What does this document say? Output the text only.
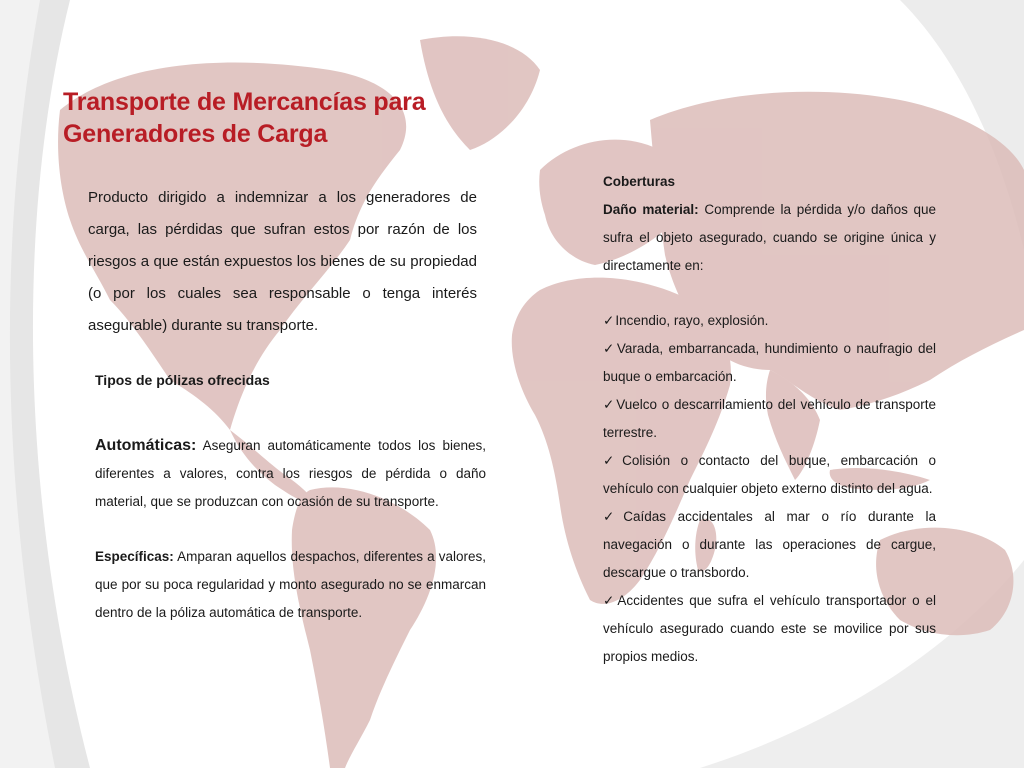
Transporte de Mercancías para
Generadores de Carga
Producto dirigido a indemnizar a los generadores de carga, las pérdidas que sufran estos por razón de los riesgos a que están expuestos los bienes de su propiedad (o por los cuales sea responsable o tenga interés asegurable) durante su transporte.
Tipos de pólizas ofrecidas
Automáticas: Aseguran automáticamente todos los bienes, diferentes a valores, contra los riesgos de pérdida o daño material, que se produzcan con ocasión de su transporte.
Específicas: Amparan aquellos despachos, diferentes a valores, que por su poca regularidad y monto asegurado no se enmarcan dentro de la póliza automática de transporte.
Coberturas
Daño material: Comprende la pérdida y/o daños que sufra el objeto asegurado, cuando se origine única y directamente en:
✓Incendio, rayo, explosión.
✓Varada, embarrancada, hundimiento o naufragio del buque o embarcación.
✓Vuelco o descarrilamiento del vehículo de transporte terrestre.
✓Colisión o contacto del buque, embarcación o vehículo con cualquier objeto externo distinto del agua.
✓Caídas accidentales al mar o río durante la navegación o durante las operaciones de cargue, descargue o transbordo.
✓Accidentes que sufra el vehículo transportador o el vehículo asegurado cuando este se movilice por sus propios medios.
